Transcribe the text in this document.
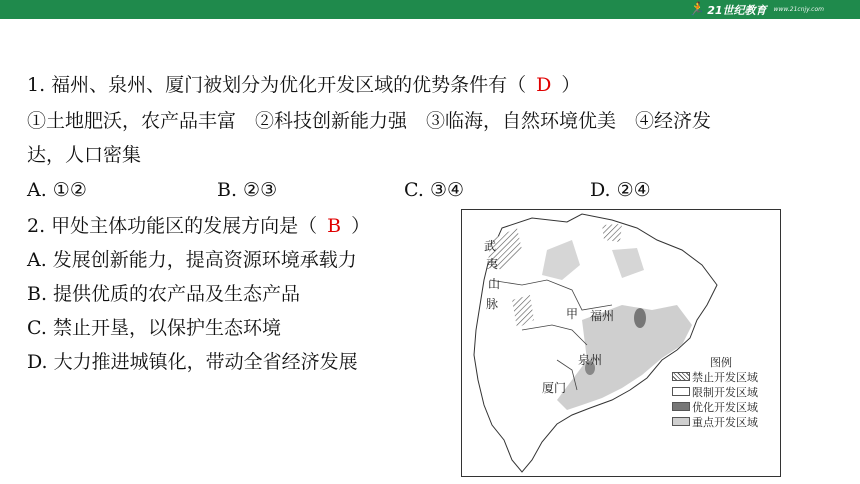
🏃 21世纪教育 www.21cnjy.com
1. 福州、泉州、厦门被划分为优化开发区域的优势条件有（ D ）
①土地肥沃，农产品丰富　②科技创新能力强　③临海，自然环境优美　④经济发
达，人口密集
A. ①②	B. ②③	C. ③④	D. ②④
2. 甲处主体功能区的发展方向是（ B ）
A. 发展创新能力，提高资源环境承载力
B. 提供优质的农产品及生态产品
C. 禁止开垦，以保护生态环境
D. 大力推进城镇化，带动全省经济发展
武
夷
山
脉
甲 福州
泉州
厦门
图例
禁止开发区域
限制开发区域
优化开发区域
重点开发区域
